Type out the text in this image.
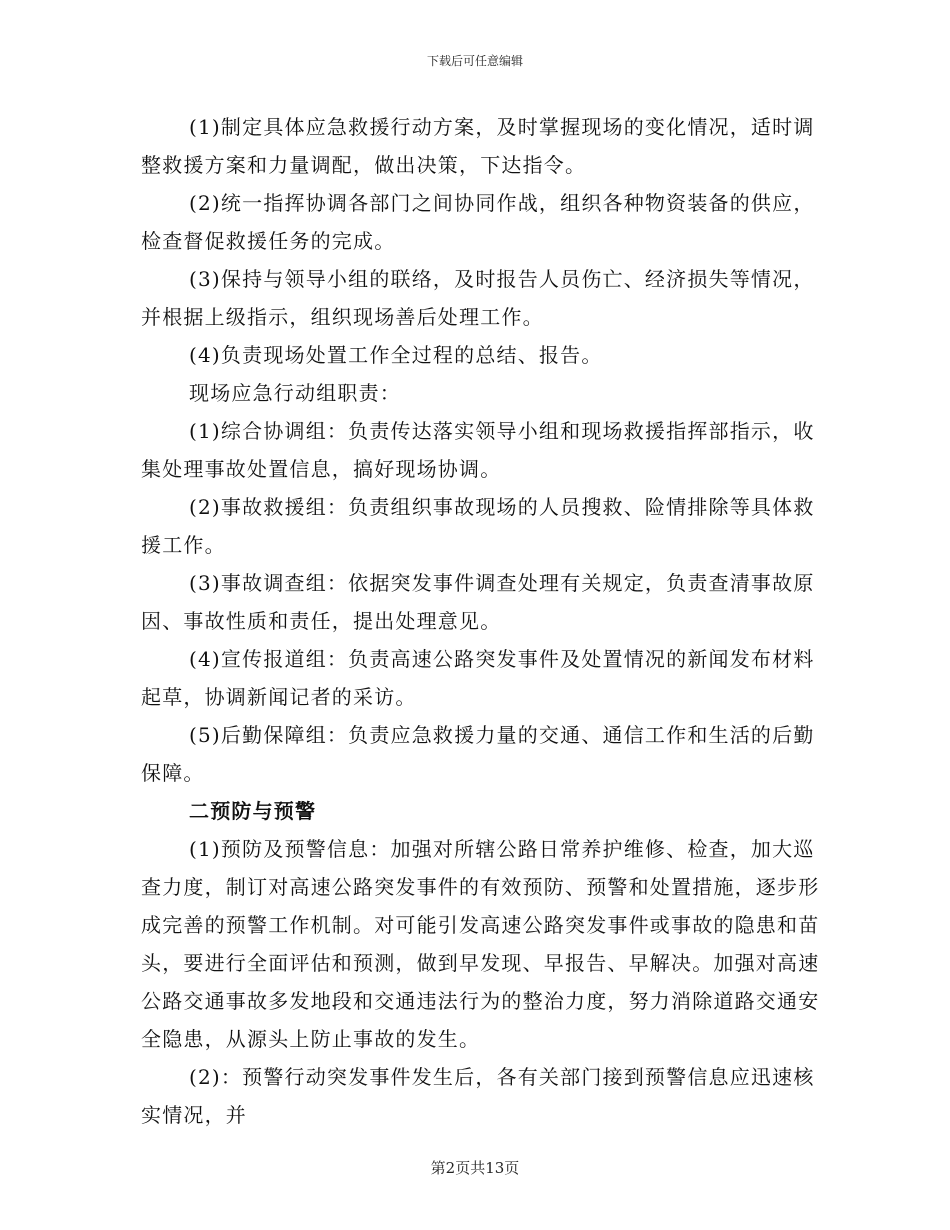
下载后可任意编辑

(1)制定具体应急救援行动方案，及时掌握现场的变化情况，适时调整救援方案和力量调配，做出决策，下达指令。

(2)统一指挥协调各部门之间协同作战，组织各种物资装备的供应，检查督促救援任务的完成。

(3)保持与领导小组的联络，及时报告人员伤亡、经济损失等情况，并根据上级指示，组织现场善后处理工作。

(4)负责现场处置工作全过程的总结、报告。

现场应急行动组职责：

(1)综合协调组：负责传达落实领导小组和现场救援指挥部指示，收集处理事故处置信息，搞好现场协调。

(2)事故救援组：负责组织事故现场的人员搜救、险情排除等具体救援工作。

(3)事故调查组：依据突发事件调查处理有关规定，负责查清事故原因、事故性质和责任，提出处理意见。

(4)宣传报道组：负责高速公路突发事件及处置情况的新闻发布材料起草，协调新闻记者的采访。

(5)后勤保障组：负责应急救援力量的交通、通信工作和生活的后勤保障。

二预防与预警

(1)预防及预警信息：加强对所辖公路日常养护维修、检查，加大巡查力度，制订对高速公路突发事件的有效预防、预警和处置措施，逐步形成完善的预警工作机制。对可能引发高速公路突发事件或事故的隐患和苗头，要进行全面评估和预测，做到早发现、早报告、早解决。加强对高速公路交通事故多发地段和交通违法行为的整治力度，努力消除道路交通安全隐患，从源头上防止事故的发生。

(2)：预警行动突发事件发生后，各有关部门接到预警信息应迅速核实情况，并

第2页共13页
